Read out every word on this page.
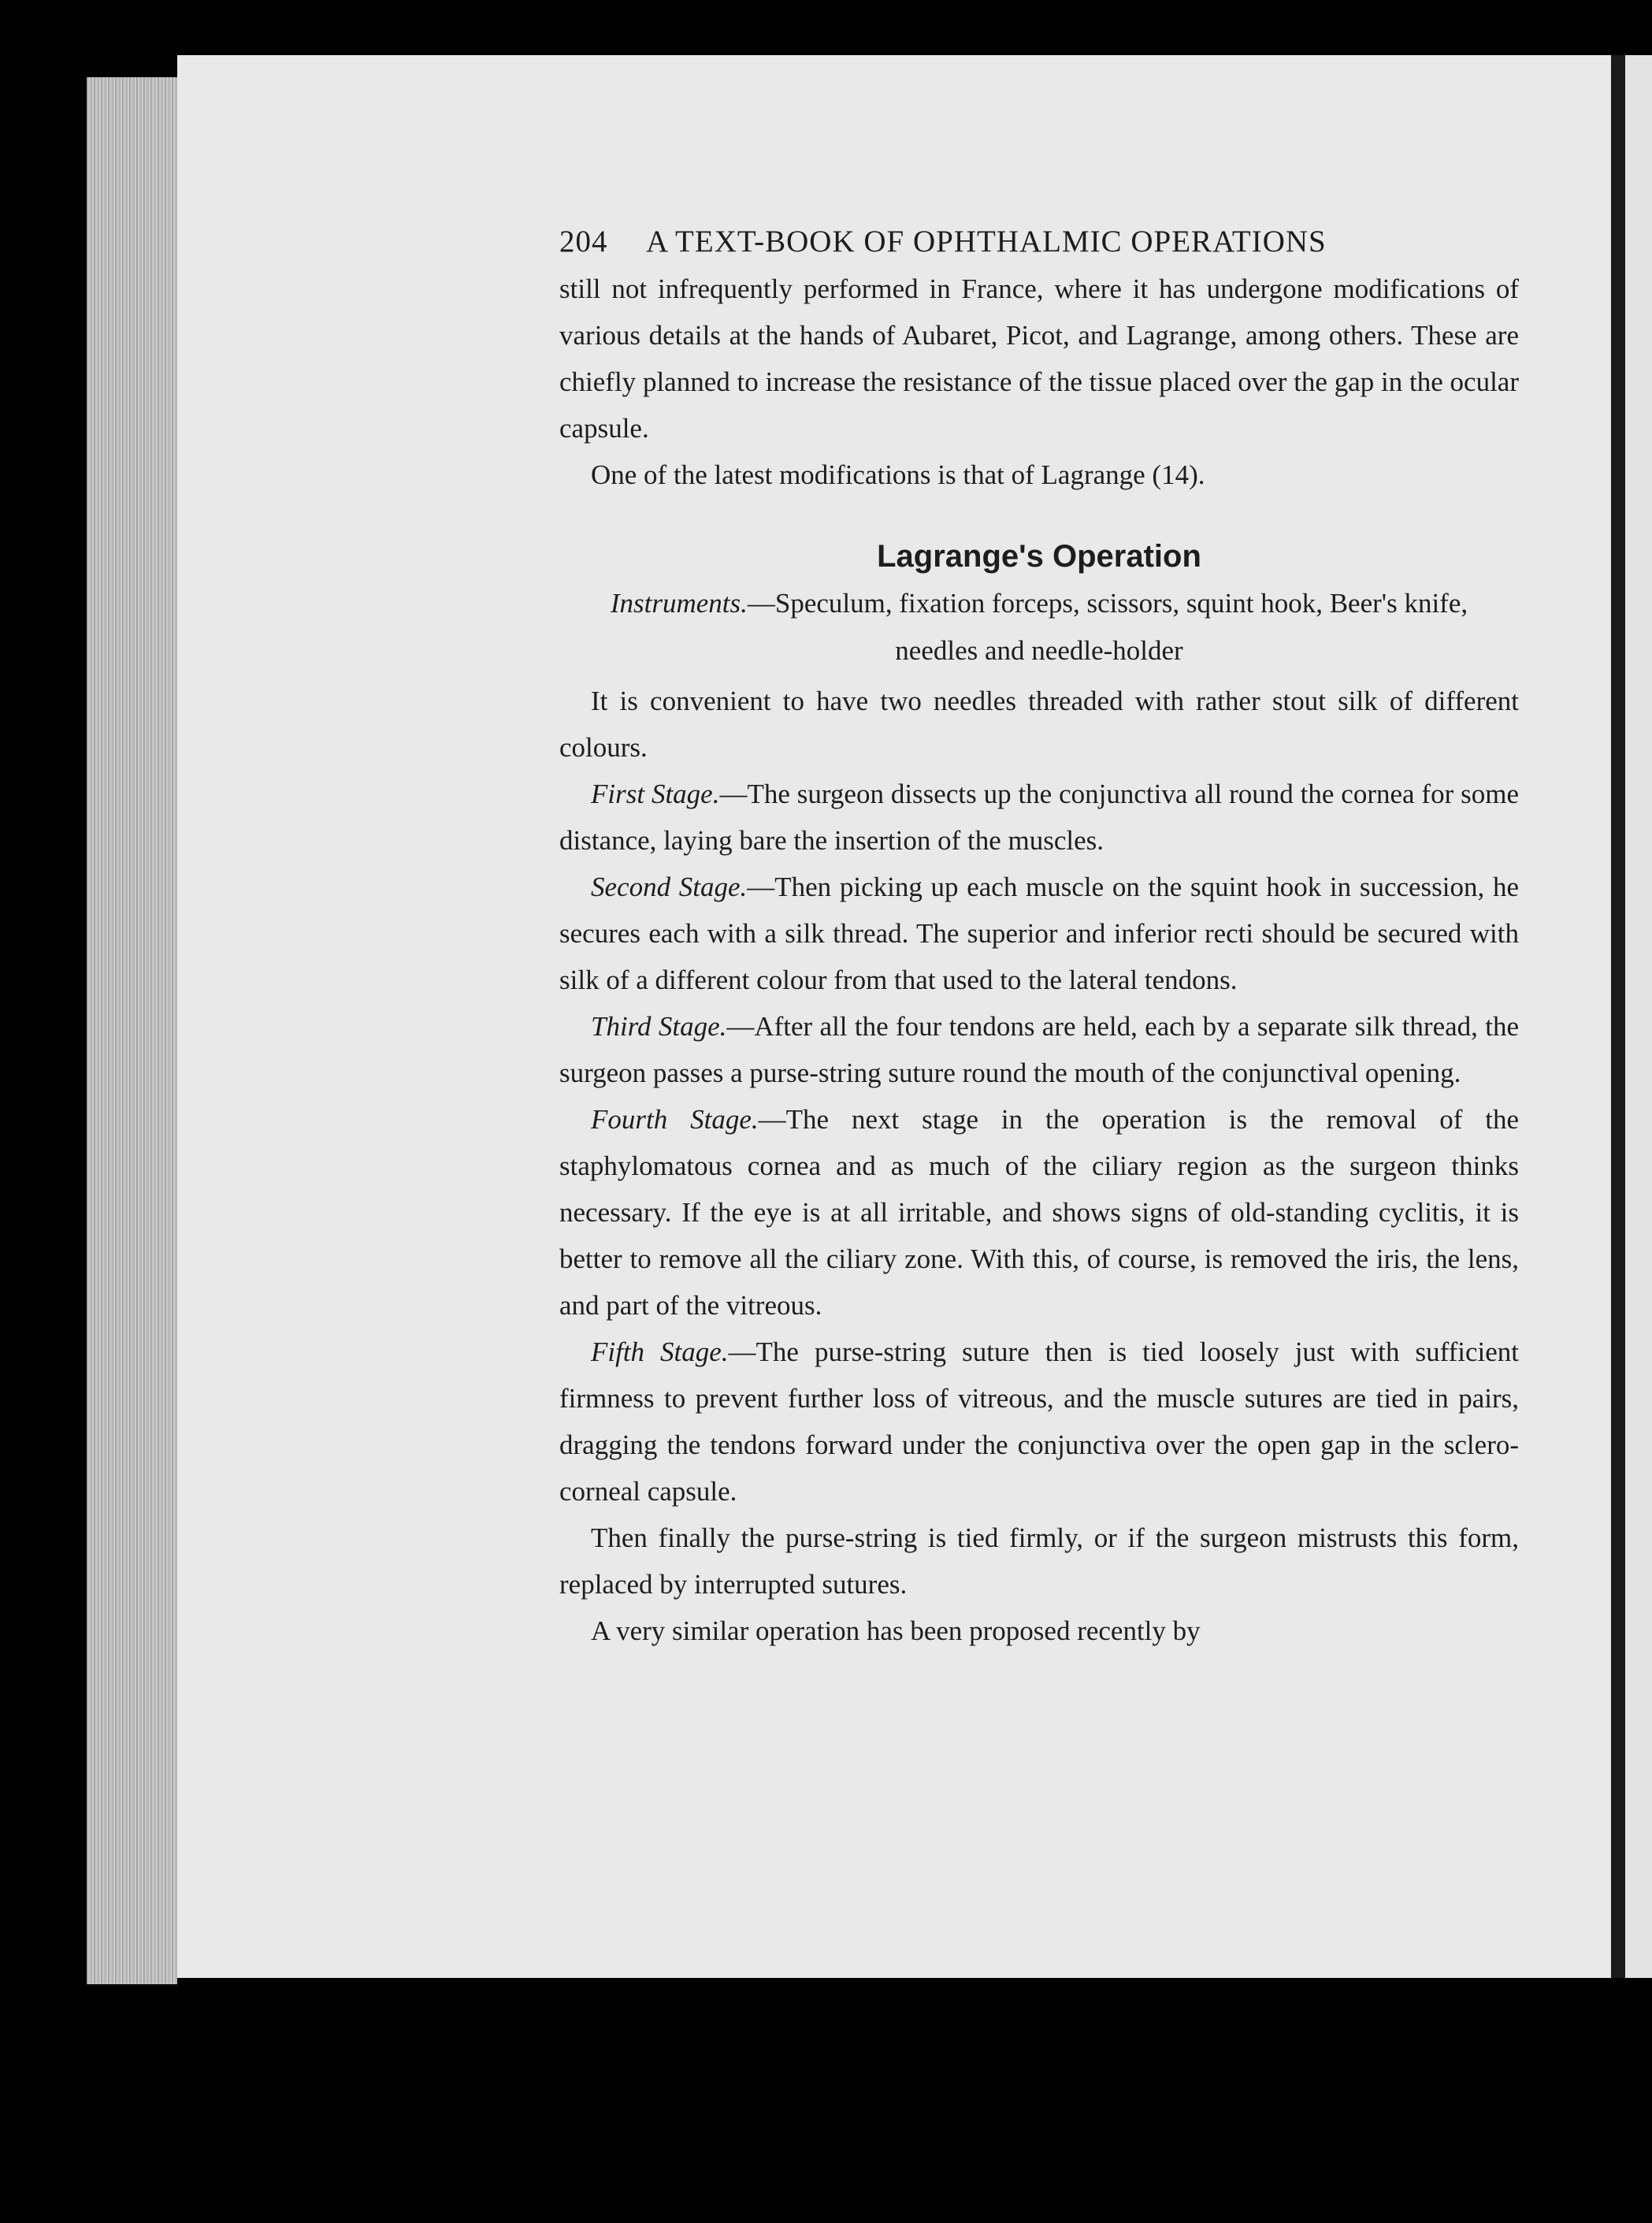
204	A TEXT-BOOK OF OPHTHALMIC OPERATIONS

still not infrequently performed in France, where it has undergone modifications of various details at the hands of Aubaret, Picot, and Lagrange, among others. These are chiefly planned to increase the resistance of the tissue placed over the gap in the ocular capsule.

One of the latest modifications is that of Lagrange (14).

Lagrange's Operation
Instruments.—Speculum, fixation forceps, scissors, squint hook, Beer's knife, needles and needle-holder

It is convenient to have two needles threaded with rather stout silk of different colours.

First Stage.—The surgeon dissects up the conjunctiva all round the cornea for some distance, laying bare the insertion of the muscles.

Second Stage.—Then picking up each muscle on the squint hook in succession, he secures each with a silk thread. The superior and inferior recti should be secured with silk of a different colour from that used to the lateral tendons.

Third Stage.—After all the four tendons are held, each by a separate silk thread, the surgeon passes a purse-string suture round the mouth of the conjunctival opening.

Fourth Stage.—The next stage in the operation is the removal of the staphylomatous cornea and as much of the ciliary region as the surgeon thinks necessary. If the eye is at all irritable, and shows signs of old-standing cyclitis, it is better to remove all the ciliary zone. With this, of course, is removed the iris, the lens, and part of the vitreous.

Fifth Stage.—The purse-string suture then is tied loosely just with sufficient firmness to prevent further loss of vitreous, and the muscle sutures are tied in pairs, dragging the tendons forward under the conjunctiva over the open gap in the sclero-corneal capsule.

Then finally the purse-string is tied firmly, or if the surgeon mistrusts this form, replaced by interrupted sutures.

A very similar operation has been proposed recently by
